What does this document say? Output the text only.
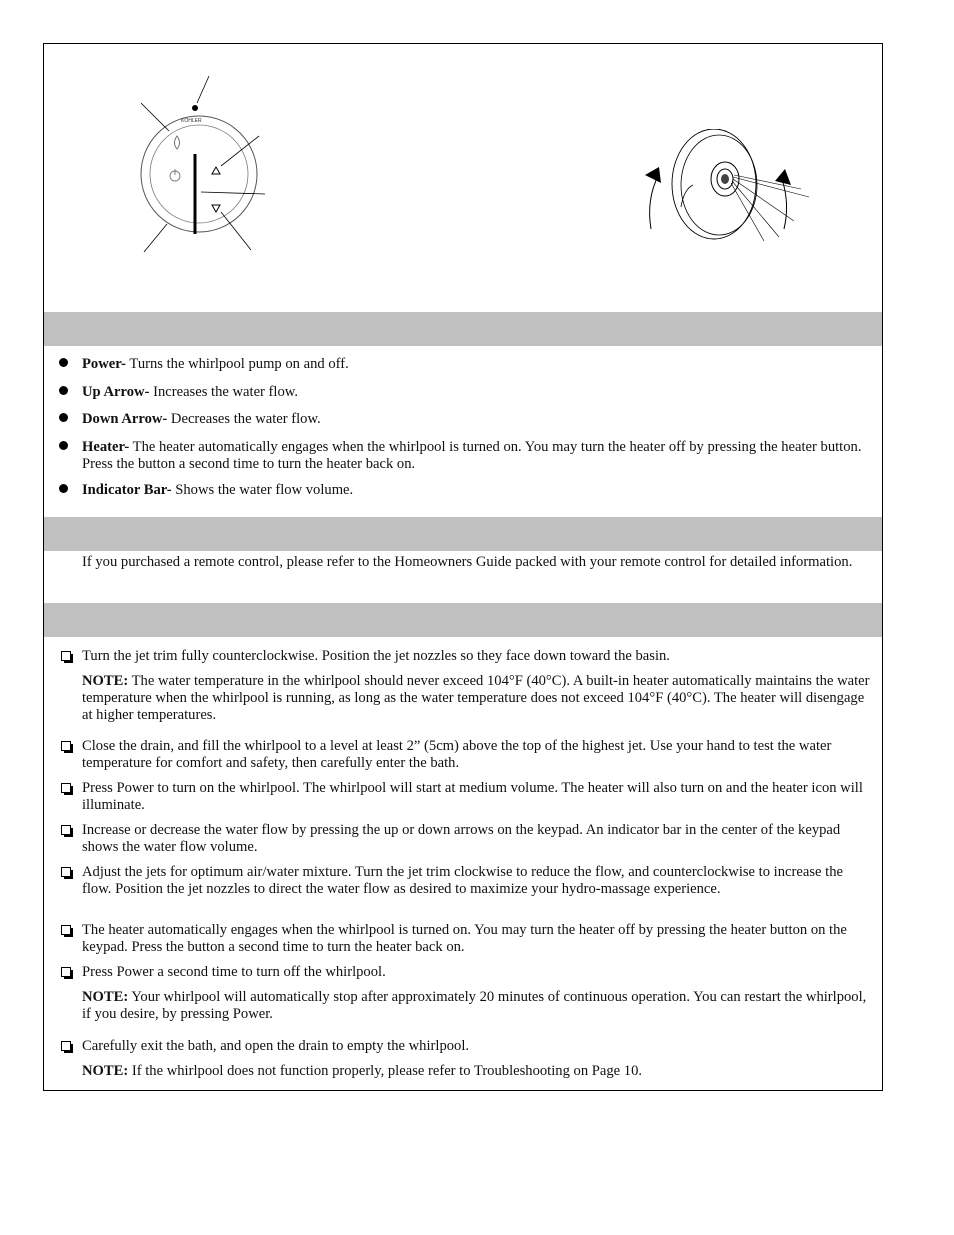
KOHLER
Power- Turns the whirlpool pump on and off.
Up Arrow- Increases the water flow.
Down Arrow- Decreases the water flow.
Heater- The heater automatically engages when the whirlpool is turned on. You may turn the heater off by pressing the heater button. Press the button a second time to turn the heater back on.
Indicator Bar- Shows the water flow volume.
If you purchased a remote control, please refer to the Homeowners Guide packed with your remote control for detailed information.
Turn the jet trim fully counterclockwise. Position the jet nozzles so they face down toward the basin.
NOTE: The water temperature in the whirlpool should never exceed 104°F (40°C). A built-in heater automatically maintains the water temperature when the whirlpool is running, as long as the water temperature does not exceed 104°F (40°C). The heater will disengage at higher temperatures.
Close the drain, and fill the whirlpool to a level at least 2” (5cm) above the top of the highest jet. Use your hand to test the water temperature for comfort and safety, then carefully enter the bath.
Press Power to turn on the whirlpool. The whirlpool will start at medium volume. The heater will also turn on and the heater icon will illuminate.
Increase or decrease the water flow by pressing the up or down arrows on the keypad. An indicator bar in the center of the keypad shows the water flow volume.
Adjust the jets for optimum air/water mixture. Turn the jet trim clockwise to reduce the flow, and counterclockwise to increase the flow. Position the jet nozzles to direct the water flow as desired to maximize your hydro-massage experience.
The heater automatically engages when the whirlpool is turned on. You may turn the heater off by pressing the heater button on the keypad. Press the button a second time to turn the heater back on.
Press Power a second time to turn off the whirlpool.
NOTE: Your whirlpool will automatically stop after approximately 20 minutes of continuous operation. You can restart the whirlpool, if you desire, by pressing Power.
Carefully exit the bath, and open the drain to empty the whirlpool.
NOTE: If the whirlpool does not function properly, please refer to Troubleshooting on Page 10.
